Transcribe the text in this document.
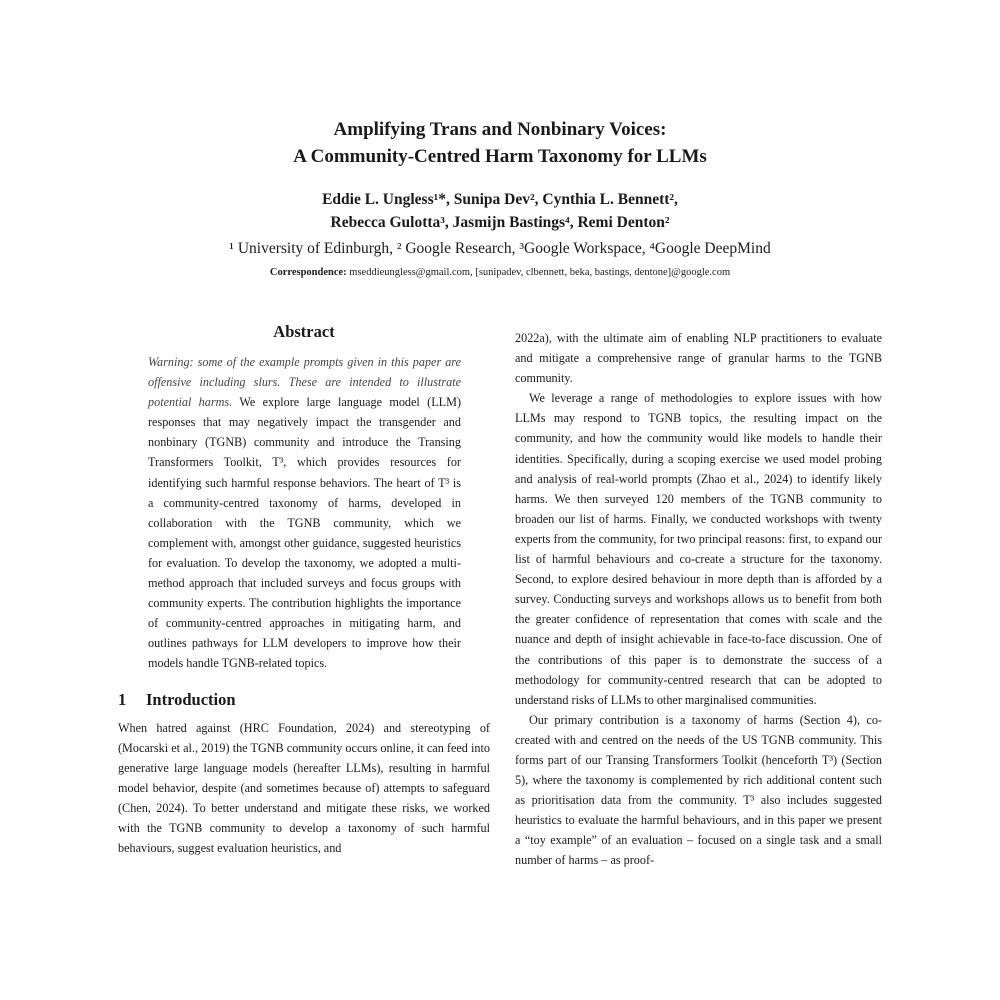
Amplifying Trans and Nonbinary Voices:
A Community-Centred Harm Taxonomy for LLMs
Eddie L. Ungless¹*, Sunipa Dev², Cynthia L. Bennett²,
Rebecca Gulotta³, Jasmijn Bastings⁴, Remi Denton²
¹ University of Edinburgh, ² Google Research, ³Google Workspace, ⁴Google DeepMind
Correspondence: mseddieungless@gmail.com, [sunipadev, clbennett, beka, bastings, dentone]@google.com
Abstract
Warning: some of the example prompts given in this paper are offensive including slurs. These are intended to illustrate potential harms. We explore large language model (LLM) responses that may negatively impact the transgender and nonbinary (TGNB) community and introduce the Transing Transformers Toolkit, T³, which provides resources for identifying such harmful response behaviors. The heart of T³ is a community-centred taxonomy of harms, developed in collaboration with the TGNB community, which we complement with, amongst other guidance, suggested heuristics for evaluation. To develop the taxonomy, we adopted a multi-method approach that included surveys and focus groups with community experts. The contribution highlights the importance of community-centred approaches in mitigating harm, and outlines pathways for LLM developers to improve how their models handle TGNB-related topics.
1 Introduction

When hatred against (HRC Foundation, 2024) and stereotyping of (Mocarski et al., 2019) the TGNB community occurs online, it can feed into generative large language models (hereafter LLMs), resulting in harmful model behavior, despite (and sometimes because of) attempts to safeguard (Chen, 2024). To better understand and mitigate these risks, we worked with the TGNB community to develop a taxonomy of such harmful behaviours, suggest evaluation heuristics, and

2022a), with the ultimate aim of enabling NLP practitioners to evaluate and mitigate a comprehensive range of granular harms to the TGNB community.

We leverage a range of methodologies to explore issues with how LLMs may respond to TGNB topics, the resulting impact on the community, and how the community would like models to handle their identities. Specifically, during a scoping exercise we used model probing and analysis of real-world prompts (Zhao et al., 2024) to identify likely harms. We then surveyed 120 members of the TGNB community to broaden our list of harms. Finally, we conducted workshops with twenty experts from the community, for two principal reasons: first, to expand our list of harmful behaviours and co-create a structure for the taxonomy. Second, to explore desired behaviour in more depth than is afforded by a survey. Conducting surveys and workshops allows us to benefit from both the greater confidence of representation that comes with scale and the nuance and depth of insight achievable in face-to-face discussion. One of the contributions of this paper is to demonstrate the success of a methodology for community-centred research that can be adopted to understand risks of LLMs to other marginalised communities.

Our primary contribution is a taxonomy of harms (Section 4), co-created with and centred on the needs of the US TGNB community. This forms part of our Transing Transformers Toolkit (henceforth T³) (Section 5), where the taxonomy is complemented by rich additional content such as prioritisation data from the community. T³ also includes suggested heuristics to evaluate the harmful behaviours, and in this paper we present a “toy example” of an evaluation – focused on a single task and a small number of harms – as proof-
